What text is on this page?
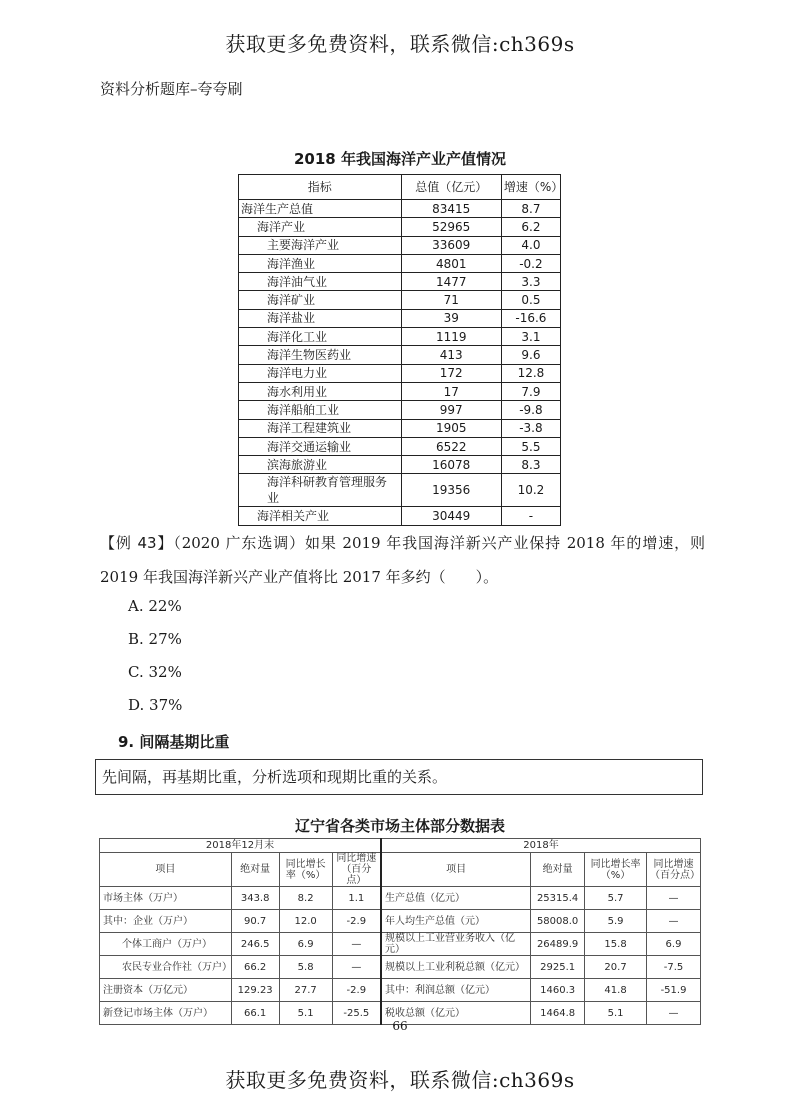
获取更多免费资料，联系微信:ch369s
资料分析题库–夸夸刷
2018 年我国海洋产业产值情况
指标	总值（亿元）	增速（%）
海洋生产总值	83415	8.7
海洋产业	52965	6.2
主要海洋产业	33609	4.0
海洋渔业	4801	-0.2
海洋油气业	1477	3.3
海洋矿业	71	0.5
海洋盐业	39	-16.6
海洋化工业	1119	3.1
海洋生物医药业	413	9.6
海洋电力业	172	12.8
海水利用业	17	7.9
海洋船舶工业	997	-9.8
海洋工程建筑业	1905	-3.8
海洋交通运输业	6522	5.5
滨海旅游业	16078	8.3
海洋科研教育管理服务业	19356	10.2
海洋相关产业	30449	-
【例 43】（2020 广东选调）如果 2019 年我国海洋新兴产业保持 2018 年的增速，则 2019 年我国海洋新兴产业产值将比 2017 年多约（　　）。
A. 22%
B. 27%
C. 32%
D. 37%
9. 间隔基期比重
先间隔，再基期比重，分析选项和现期比重的关系。
辽宁省各类市场主体部分数据表
2018年12月末				2018年			
项目	绝对量	同比增长率（%）	同比增速（百分点）	项目	绝对量	同比增长率（%）	同比增速（百分点）
市场主体（万户）	343.8	8.2	1.1	生产总值（亿元）	25315.4	5.7	—
其中：企业（万户）	90.7	12.0	-2.9	年人均生产总值（元）	58008.0	5.9	—
个体工商户（万户）	246.5	6.9	—	规模以上工业营业务收入（亿元）	26489.9	15.8	6.9
农民专业合作社（万户）	66.2	5.8	—	规模以上工业利税总额（亿元）	2925.1	20.7	-7.5
注册资本（万亿元）	129.23	27.7	-2.9	其中：利润总额（亿元）	1460.3	41.8	-51.9
新登记市场主体（万户）	66.1	5.1	-25.5	税收总额（亿元）	1464.8	5.1	—
66
获取更多免费资料，联系微信:ch369s
